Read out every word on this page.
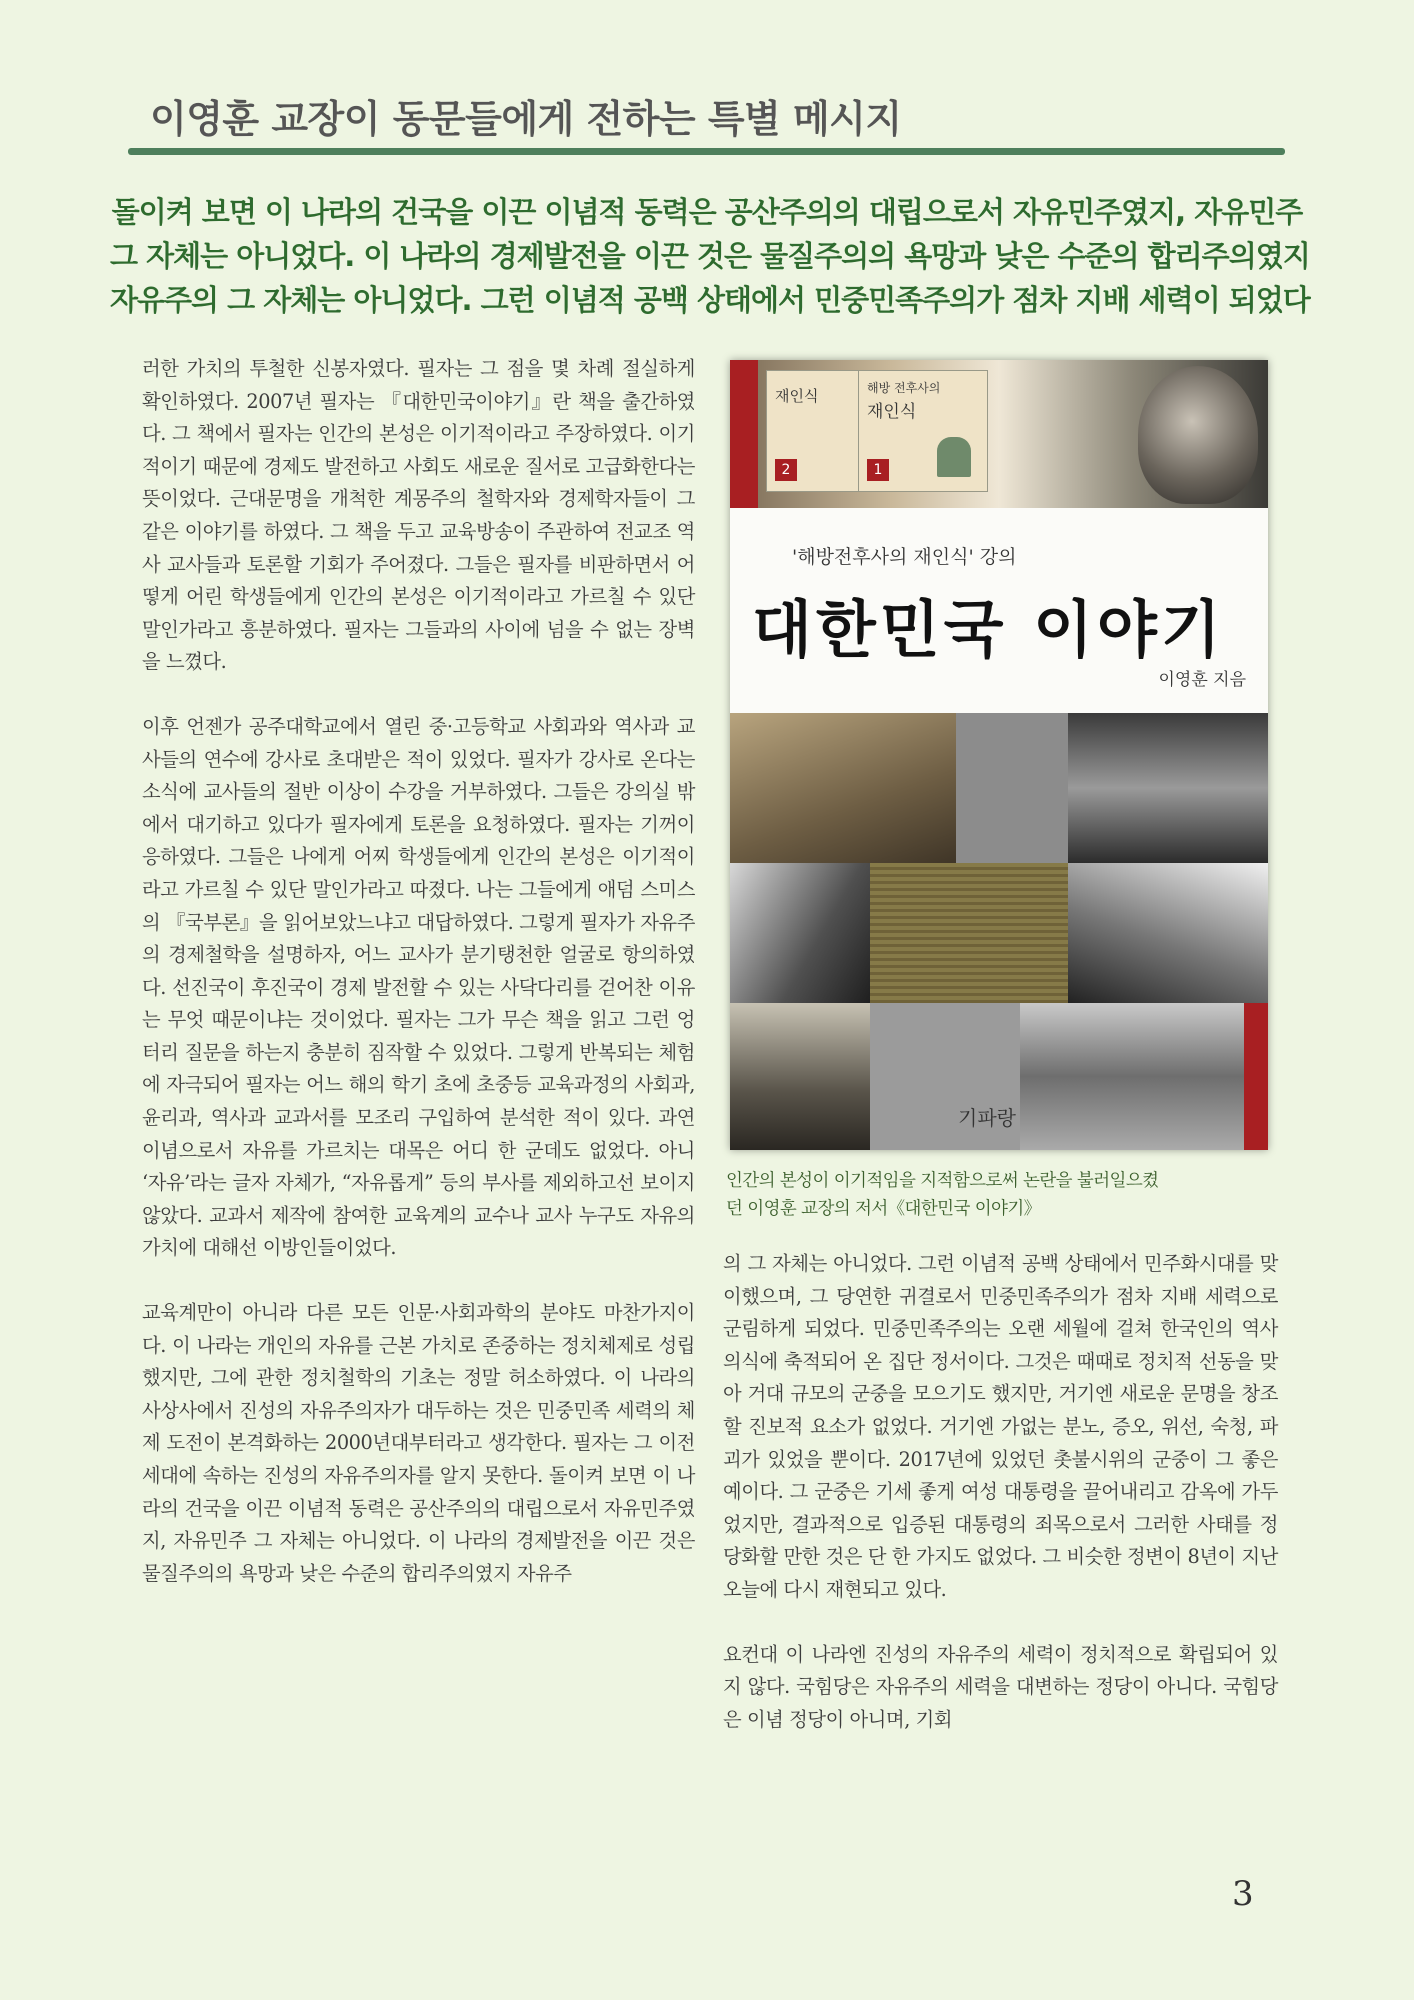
이영훈 교장이 동문들에게 전하는 특별 메시지
돌이켜 보면 이 나라의 건국을 이끈 이념적 동력은 공산주의의 대립으로서 자유민주였지, 자유민주
그 자체는 아니었다. 이 나라의 경제발전을 이끈 것은 물질주의의 욕망과 낮은 수준의 합리주의였지
자유주의 그 자체는 아니었다. 그런 이념적 공백 상태에서 민중민족주의가 점차 지배 세력이 되었다

러한 가치의 투철한 신봉자였다. 필자는 그 점을 몇 차례 절실하게 확인하였다. 2007년 필자는 『대한민국이야기』란 책을 출간하였다. 그 책에서 필자는 인간의 본성은 이기적이라고 주장하였다. 이기적이기 때문에 경제도 발전하고 사회도 새로운 질서로 고급화한다는 뜻이었다. 근대문명을 개척한 계몽주의 철학자와 경제학자들이 그 같은 이야기를 하였다. 그 책을 두고 교육방송이 주관하여 전교조 역사 교사들과 토론할 기회가 주어졌다. 그들은 필자를 비판하면서 어떻게 어린 학생들에게 인간의 본성은 이기적이라고 가르칠 수 있단 말인가라고 흥분하였다. 필자는 그들과의 사이에 넘을 수 없는 장벽을 느꼈다.

이후 언젠가 공주대학교에서 열린 중·고등학교 사회과와 역사과 교사들의 연수에 강사로 초대받은 적이 있었다. 필자가 강사로 온다는 소식에 교사들의 절반 이상이 수강을 거부하였다. 그들은 강의실 밖에서 대기하고 있다가 필자에게 토론을 요청하였다. 필자는 기꺼이 응하였다. 그들은 나에게 어찌 학생들에게 인간의 본성은 이기적이라고 가르칠 수 있단 말인가라고 따졌다. 나는 그들에게 애덤 스미스의 『국부론』을 읽어보았느냐고 대답하였다. 그렇게 필자가 자유주의 경제철학을 설명하자, 어느 교사가 분기탱천한 얼굴로 항의하였다. 선진국이 후진국이 경제 발전할 수 있는 사닥다리를 걷어찬 이유는 무엇 때문이냐는 것이었다. 필자는 그가 무슨 책을 읽고 그런 엉터리 질문을 하는지 충분히 짐작할 수 있었다. 그렇게 반복되는 체험에 자극되어 필자는 어느 해의 학기 초에 초중등 교육과정의 사회과, 윤리과, 역사과 교과서를 모조리 구입하여 분석한 적이 있다. 과연 이념으로서 자유를 가르치는 대목은 어디 한 군데도 없었다. 아니 ‘자유’라는 글자 자체가, “자유롭게” 등의 부사를 제외하고선 보이지 않았다. 교과서 제작에 참여한 교육계의 교수나 교사 누구도 자유의 가치에 대해선 이방인들이었다.

교육계만이 아니라 다른 모든 인문·사회과학의 분야도 마찬가지이다. 이 나라는 개인의 자유를 근본 가치로 존중하는 정치체제로 성립했지만, 그에 관한 정치철학의 기초는 정말 허소하였다. 이 나라의 사상사에서 진성의 자유주의자가 대두하는 것은 민중민족 세력의 체제 도전이 본격화하는 2000년대부터라고 생각한다. 필자는 그 이전 세대에 속하는 진성의 자유주의자를 알지 못한다. 돌이켜 보면 이 나라의 건국을 이끈 이념적 동력은 공산주의의 대립으로서 자유민주였지, 자유민주 그 자체는 아니었다. 이 나라의 경제발전을 이끈 것은 물질주의의 욕망과 낮은 수준의 합리주의였지 자유주

재인식
2
해방 전후사의
재인식
1
'해방전후사의 재인식' 강의
대한민국 이야기
이영훈 지음
기파랑
인간의 본성이 이기적임을 지적함으로써 논란을 불러일으켰
던 이영훈 교장의 저서《대한민국 이야기》

의 그 자체는 아니었다. 그런 이념적 공백 상태에서 민주화시대를 맞이했으며, 그 당연한 귀결로서 민중민족주의가 점차 지배 세력으로 군림하게 되었다. 민중민족주의는 오랜 세월에 걸쳐 한국인의 역사의식에 축적되어 온 집단 정서이다. 그것은 때때로 정치적 선동을 맞아 거대 규모의 군중을 모으기도 했지만, 거기엔 새로운 문명을 창조할 진보적 요소가 없었다. 거기엔 가없는 분노, 증오, 위선, 숙청, 파괴가 있었을 뿐이다. 2017년에 있었던 촛불시위의 군중이 그 좋은 예이다. 그 군중은 기세 좋게 여성 대통령을 끌어내리고 감옥에 가두었지만, 결과적으로 입증된 대통령의 죄목으로서 그러한 사태를 정당화할 만한 것은 단 한 가지도 없었다. 그 비슷한 정변이 8년이 지난 오늘에 다시 재현되고 있다.

요컨대 이 나라엔 진성의 자유주의 세력이 정치적으로 확립되어 있지 않다. 국힘당은 자유주의 세력을 대변하는 정당이 아니다. 국힘당은 이념 정당이 아니며, 기회

3
